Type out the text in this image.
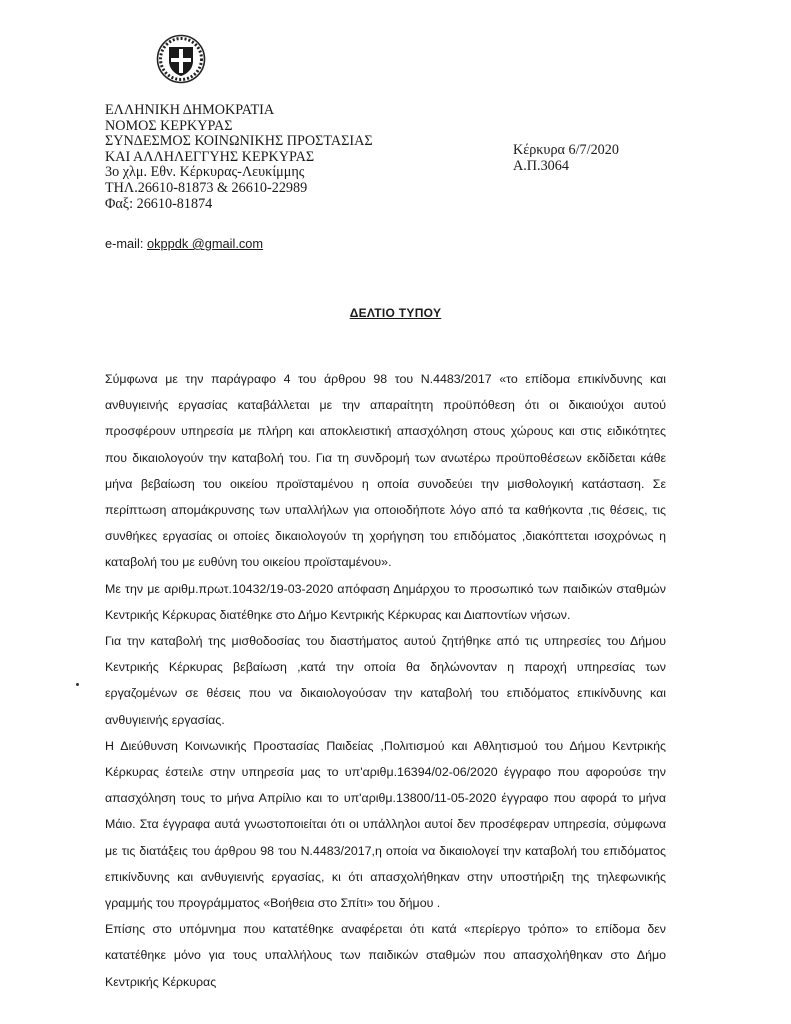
ΕΛΛΗΝΙΚΗ ΔΗΜΟΚΡΑΤΙΑ
ΝΟΜΟΣ ΚΕΡΚΥΡΑΣ
ΣΥΝΔΕΣΜΟΣ ΚΟΙΝΩΝΙΚΗΣ ΠΡΟΣΤΑΣΙΑΣ
ΚΑΙ ΑΛΛΗΛΕΓΓΥΗΣ ΚΕΡΚΥΡΑΣ
3ο χλμ. Εθν. Κέρκυρας-Λευκίμμης
ΤΗΛ.26610-81873 & 26610-22989
Φαξ: 26610-81874
Κέρκυρα 6/7/2020
Α.Π.3064
e-mail: okppdk @gmail.com
ΔΕΛΤΙΟ ΤΥΠΟΥ

Σύμφωνα με την παράγραφο 4 του άρθρου 98 του Ν.4483/2017 «το επίδομα επικίνδυνης και ανθυγιεινής εργασίας καταβάλλεται με την απαραίτητη προϋπόθεση ότι οι δικαιούχοι αυτού προσφέρουν υπηρεσία με πλήρη και αποκλειστική απασχόληση στους χώρους και στις ειδικότητες που δικαιολογούν την καταβολή του. Για τη συνδρομή των ανωτέρω προϋποθέσεων εκδίδεται κάθε μήνα βεβαίωση του οικείου προϊσταμένου η οποία συνοδεύει την μισθολογική κατάσταση. Σε περίπτωση απομάκρυνσης των υπαλλήλων για οποιοδήποτε λόγο από τα καθήκοντα ,τις θέσεις, τις συνθήκες εργασίας οι οποίες δικαιολογούν τη χορήγηση του επιδόματος ,διακόπτεται ισοχρόνως η καταβολή του με ευθύνη του οικείου προϊσταμένου».

Με την με αριθμ.πρωτ.10432/19-03-2020 απόφαση Δημάρχου το προσωπικό των παιδικών σταθμών Κεντρικής Κέρκυρας διατέθηκε στο Δήμο Κεντρικής Κέρκυρας και Διαποντίων νήσων.

Για την καταβολή της μισθοδοσίας του διαστήματος αυτού ζητήθηκε από τις υπηρεσίες του Δήμου Κεντρικής Κέρκυρας βεβαίωση ,κατά την οποία θα δηλώνονταν η παροχή υπηρεσίας των εργαζομένων σε θέσεις που να δικαιολογούσαν την καταβολή του επιδόματος επικίνδυνης και ανθυγιεινής εργασίας.

Η Διεύθυνση Κοινωνικής Προστασίας Παιδείας ,Πολιτισμού και Αθλητισμού του Δήμου Κεντρικής Κέρκυρας έστειλε στην υπηρεσία μας το υπ'αριθμ.16394/02-06/2020 έγγραφο που αφορούσε την απασχόληση τους το μήνα Απρίλιο και το υπ'αριθμ.13800/11-05-2020 έγγραφο που αφορά το μήνα Μάιο. Στα έγγραφα αυτά γνωστοποιείται ότι οι υπάλληλοι αυτοί δεν προσέφεραν υπηρεσία, σύμφωνα με τις διατάξεις του άρθρου 98 του Ν.4483/2017,η οποία να δικαιολογεί την καταβολή του επιδόματος επικίνδυνης και ανθυγιεινής εργασίας, κι ότι απασχολήθηκαν στην υποστήριξη της τηλεφωνικής γραμμής του προγράμματος «Βοήθεια στο Σπίτι» του δήμου .

Επίσης στο υπόμνημα που κατατέθηκε αναφέρεται ότι κατά «περίεργο τρόπο» το επίδομα δεν κατατέθηκε μόνο για τους υπαλλήλους των παιδικών σταθμών που απασχολήθηκαν στο Δήμο Κεντρικής Κέρκυρας
